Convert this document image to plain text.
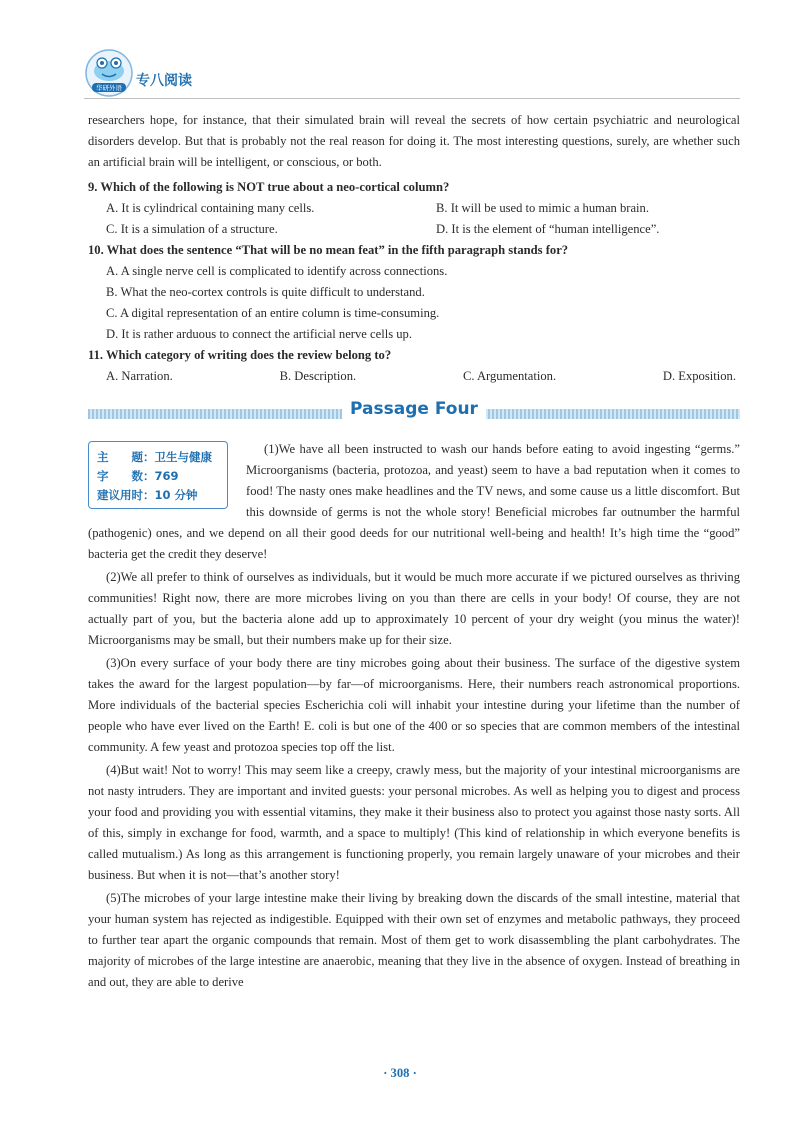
华研外语 专八阅读

researchers hope, for instance, that their simulated brain will reveal the secrets of how certain psychiatric and neurological disorders develop. But that is probably not the real reason for doing it. The most interesting questions, surely, are whether such an artificial brain will be intelligent, or conscious, or both.

9. Which of the following is NOT true about a neo-cortical column?

A. It is cylindrical containing many cells.	B. It will be used to mimic a human brain.
C. It is a simulation of a structure.	D. It is the element of “human intelligence”.

10. What does the sentence “That will be no mean feat” in the fifth paragraph stands for?

A. A single nerve cell is complicated to identify across connections.
B. What the neo-cortex controls is quite difficult to understand.
C. A digital representation of an entire column is time-consuming.
D. It is rather arduous to connect the artificial nerve cells up.

11. Which category of writing does the review belong to?

A. Narration.	B. Description.	C. Argumentation.	D. Exposition.
Passage Four
主　　题：卫生与健康
字　　数：769
建议用时：10 分钟

(1)We have all been instructed to wash our hands before eating to avoid ingesting “germs.” Microorganisms (bacteria, protozoa, and yeast) seem to have a bad reputation when it comes to food! The nasty ones make headlines and the TV news, and some cause us a little discomfort. But this downside of germs is not the whole story! Beneficial microbes far outnumber the harmful (pathogenic) ones, and we depend on all their good deeds for our nutritional well-being and health! It’s high time the “good” bacteria get the credit they deserve!

(2)We all prefer to think of ourselves as individuals, but it would be much more accurate if we pictured ourselves as thriving communities! Right now, there are more microbes living on you than there are cells in your body! Of course, they are not actually part of you, but the bacteria alone add up to approximately 10 percent of your dry weight (you minus the water)! Microorganisms may be small, but their numbers make up for their size.

(3)On every surface of your body there are tiny microbes going about their business. The surface of the digestive system takes the award for the largest population—by far—of microorganisms. Here, their numbers reach astronomical proportions. More individuals of the bacterial species Escherichia coli will inhabit your intestine during your lifetime than the number of people who have ever lived on the Earth! E. coli is but one of the 400 or so species that are common members of the intestinal community. A few yeast and protozoa species top off the list.

(4)But wait! Not to worry! This may seem like a creepy, crawly mess, but the majority of your intestinal microorganisms are not nasty intruders. They are important and invited guests: your personal microbes. As well as helping you to digest and process your food and providing you with essential vitamins, they make it their business also to protect you against those nasty sorts. All of this, simply in exchange for food, warmth, and a space to multiply! (This kind of relationship in which everyone benefits is called mutualism.) As long as this arrangement is functioning properly, you remain largely unaware of your microbes and their business. But when it is not—that’s another story!

(5)The microbes of your large intestine make their living by breaking down the discards of the small intestine, material that your human system has rejected as indigestible. Equipped with their own set of enzymes and metabolic pathways, they proceed to further tear apart the organic compounds that remain. Most of them get to work disassembling the plant carbohydrates. The majority of microbes of the large intestine are anaerobic, meaning that they live in the absence of oxygen. Instead of breathing in and out, they are able to derive

· 308 ·
